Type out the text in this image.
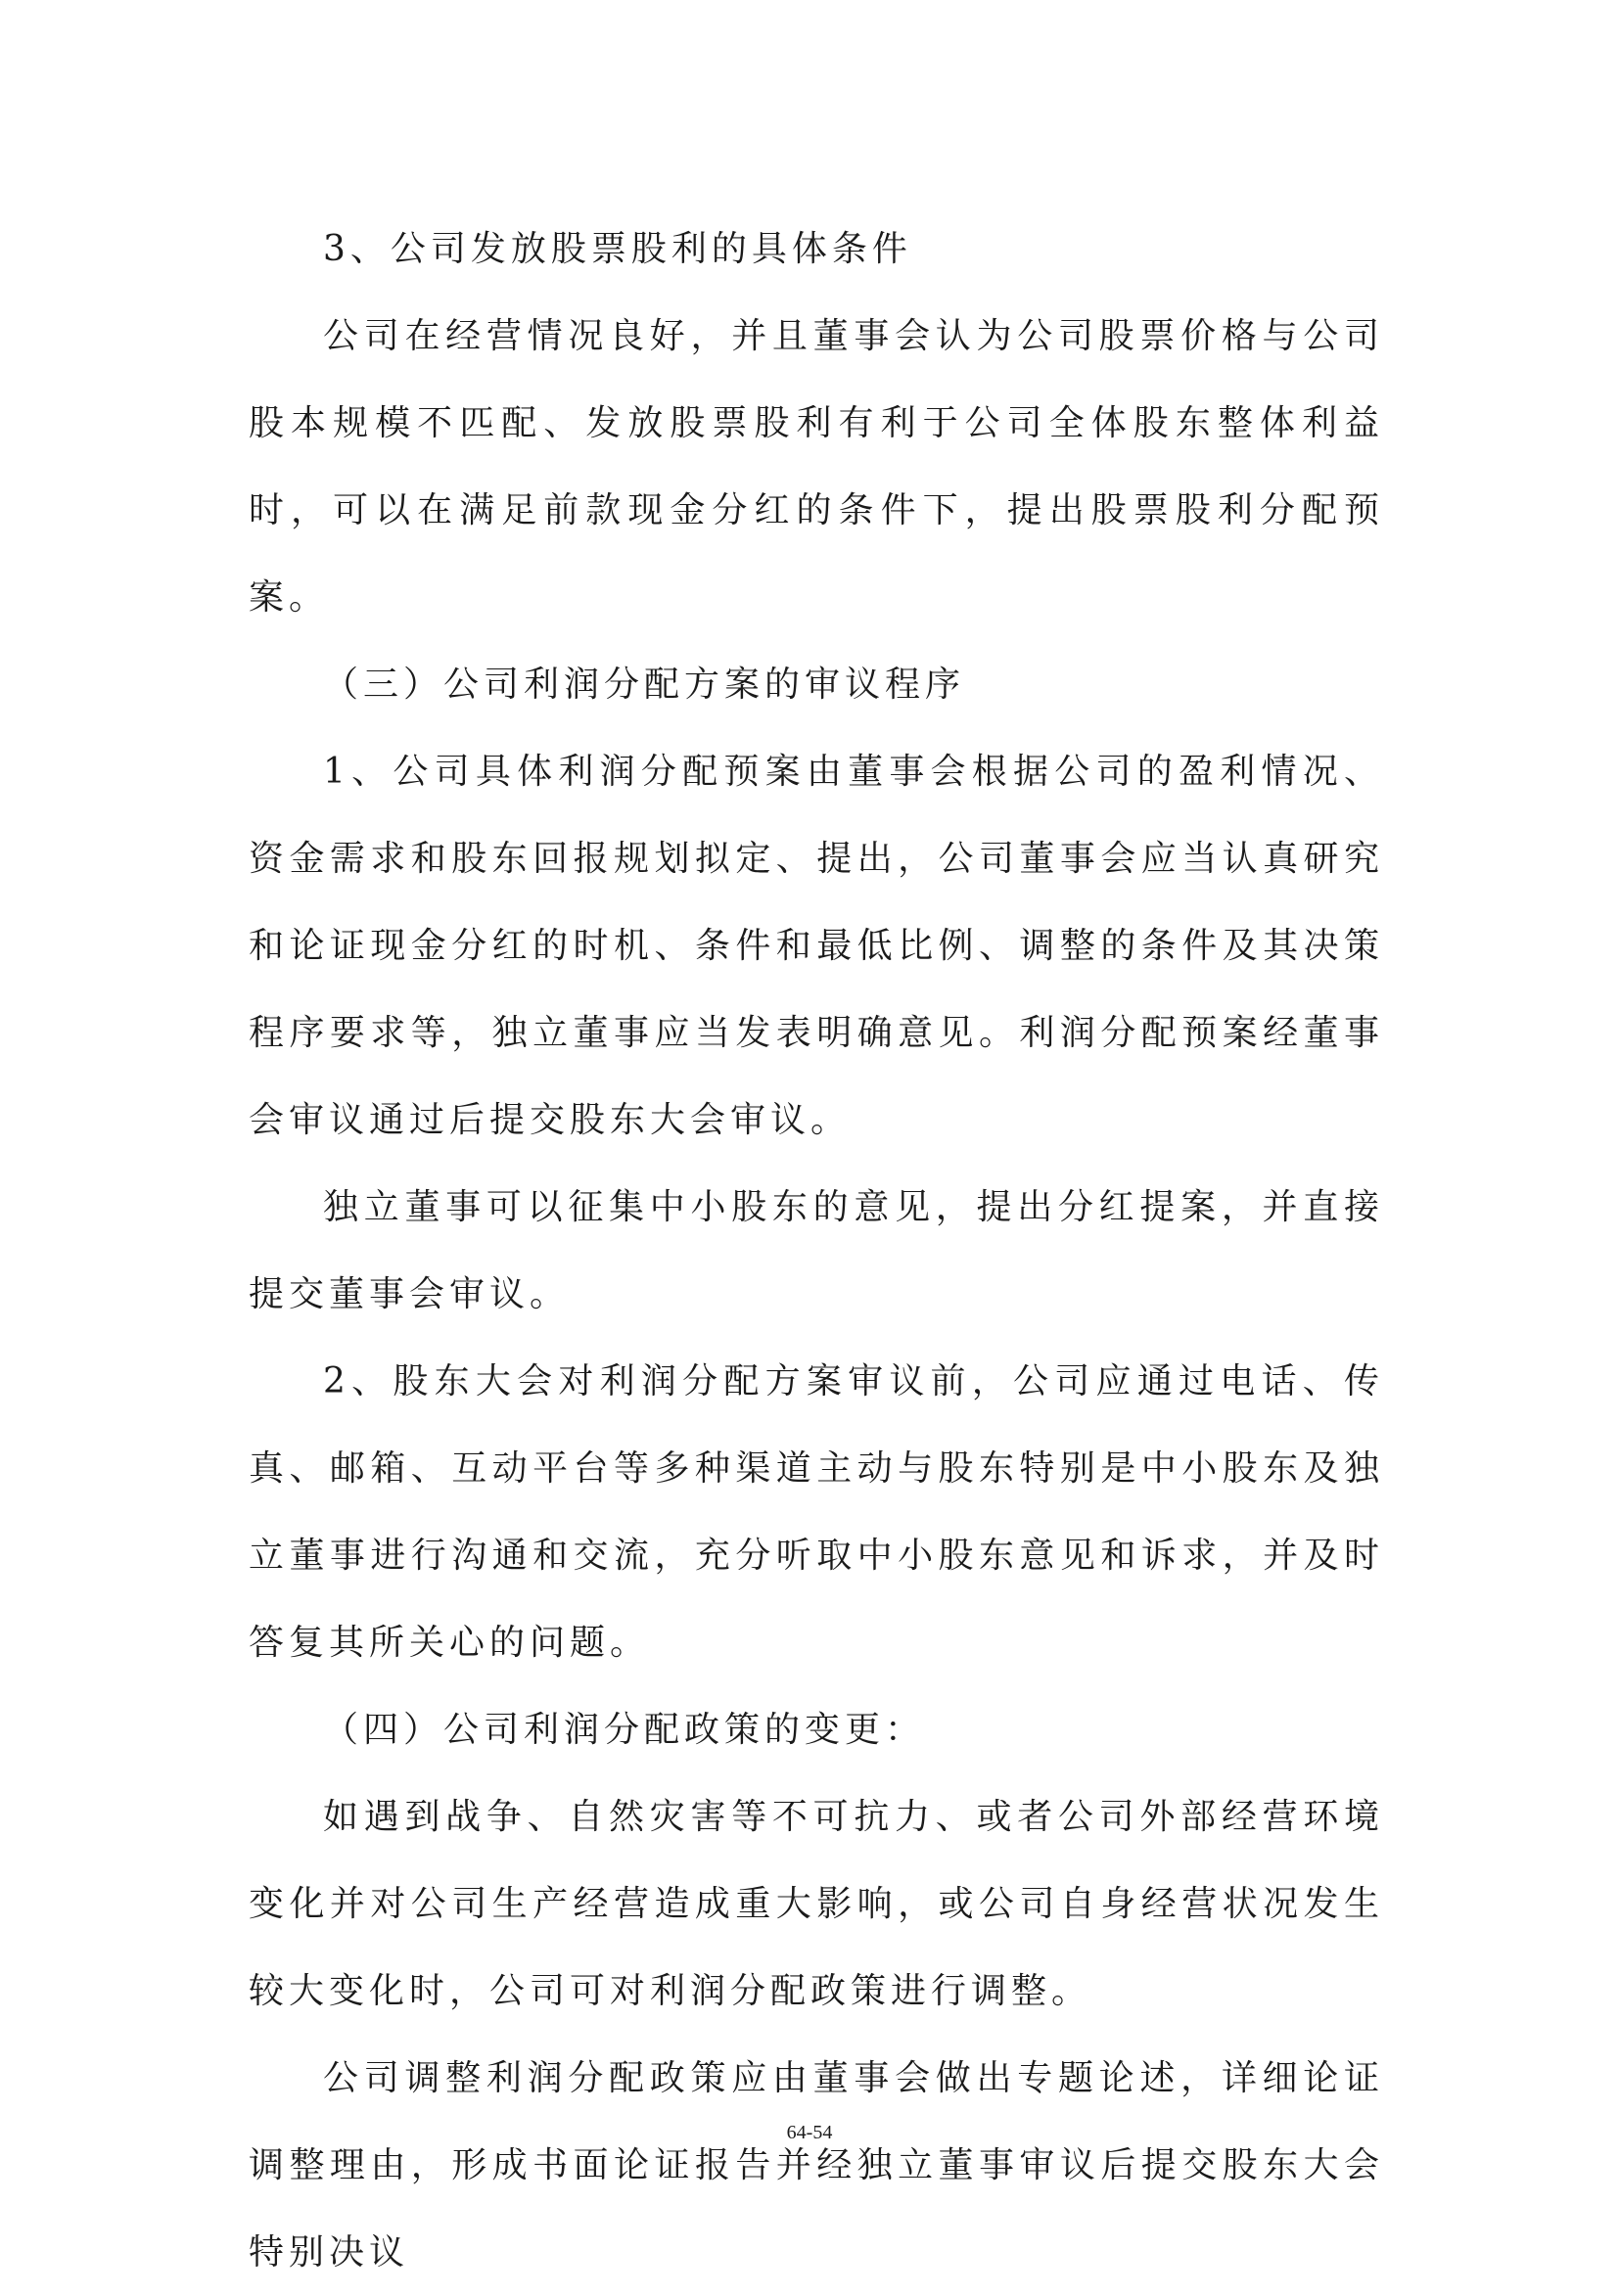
3、公司发放股票股利的具体条件

公司在经营情况良好，并且董事会认为公司股票价格与公司股本规模不匹配、发放股票股利有利于公司全体股东整体利益时，可以在满足前款现金分红的条件下，提出股票股利分配预案。

（三）公司利润分配方案的审议程序

1、公司具体利润分配预案由董事会根据公司的盈利情况、资金需求和股东回报规划拟定、提出，公司董事会应当认真研究和论证现金分红的时机、条件和最低比例、调整的条件及其决策程序要求等，独立董事应当发表明确意见。利润分配预案经董事会审议通过后提交股东大会审议。

独立董事可以征集中小股东的意见，提出分红提案，并直接提交董事会审议。

2、股东大会对利润分配方案审议前，公司应通过电话、传真、邮箱、互动平台等多种渠道主动与股东特别是中小股东及独立董事进行沟通和交流，充分听取中小股东意见和诉求，并及时答复其所关心的问题。

（四）公司利润分配政策的变更：

如遇到战争、自然灾害等不可抗力、或者公司外部经营环境变化并对公司生产经营造成重大影响，或公司自身经营状况发生较大变化时，公司可对利润分配政策进行调整。

公司调整利润分配政策应由董事会做出专题论述，详细论证调整理由，形成书面论证报告并经独立董事审议后提交股东大会特别决议

64-54
